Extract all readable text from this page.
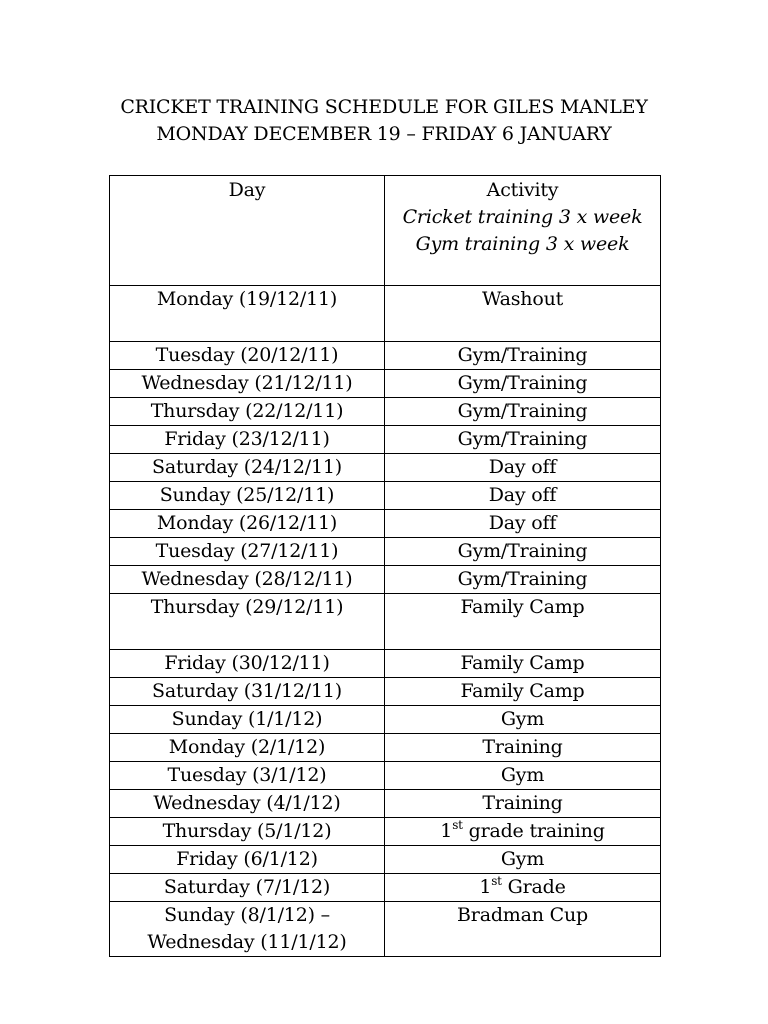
CRICKET TRAINING SCHEDULE FOR GILES MANLEY
MONDAY DECEMBER 19 – FRIDAY 6 JANUARY
Day	Activity
Cricket training 3 x week
Gym training 3 x week

Monday (19/12/11)	Washout
Tuesday (20/12/11)	Gym/Training
Wednesday (21/12/11)	Gym/Training
Thursday (22/12/11)	Gym/Training
Friday (23/12/11)	Gym/Training
Saturday (24/12/11)	Day off
Sunday (25/12/11)	Day off
Monday (26/12/11)	Day off
Tuesday (27/12/11)	Gym/Training
Wednesday (28/12/11)	Gym/Training
Thursday (29/12/11)	Family Camp
Friday (30/12/11)	Family Camp
Saturday (31/12/11)	Family Camp
Sunday (1/1/12)	Gym
Monday (2/1/12)	Training
Tuesday (3/1/12)	Gym
Wednesday (4/1/12)	Training
Thursday (5/1/12)	1st grade training
Friday (6/1/12)	Gym
Saturday (7/1/12)	1st Grade

Sunday (8/1/12) –
Wednesday (11/1/12)	Bradman Cup
